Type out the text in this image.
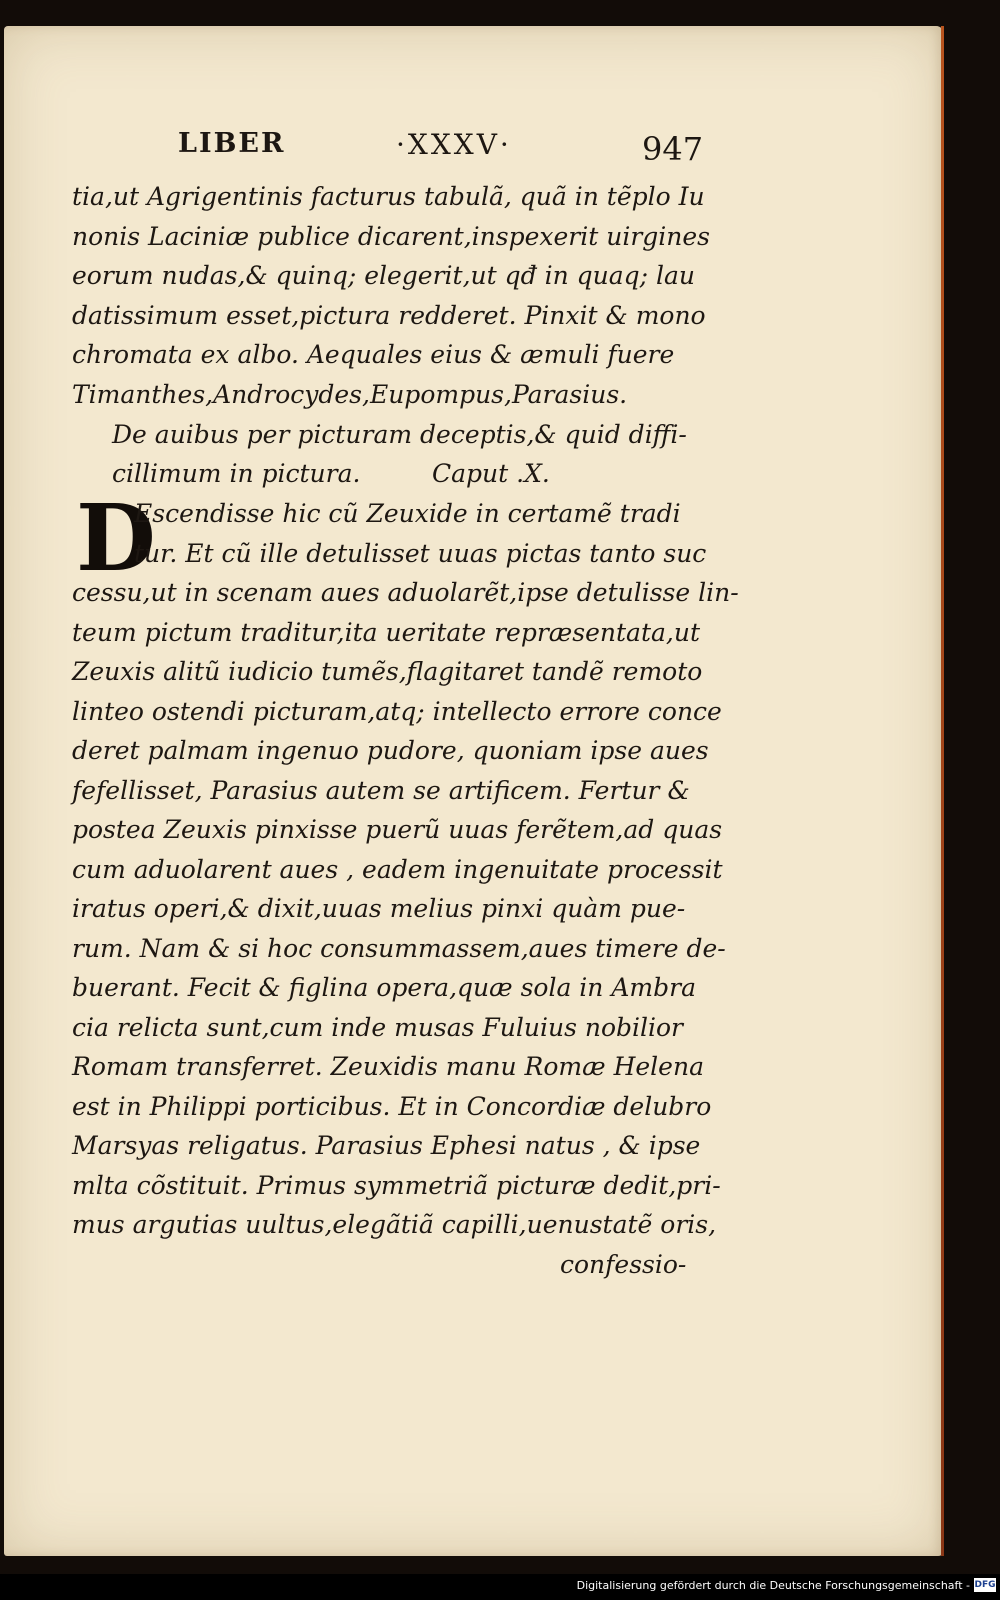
LIBER	·XXXV·	947
tia,ut Agrigentinis facturus tabulã, quã in tẽplo Iu
nonis Laciniæ publice dicarent,inspexerit uirgines
eorum nudas,& quinq; elegerit,ut qđ in quaq; lau
datissimum esset,pictura redderet. Pinxit & mono
chromata ex albo. Aequales eius & æmuli fuere
Timanthes,Androcydes,Eupompus,Parasius.
De auibus per picturam deceptis,& quid diffi-
cillimum in pictura.	Caput .X.
D
Escendisse hic cũ Zeuxide in certamẽ tradi
tur. Et cũ ille detulisset uuas pictas tanto suc
cessu,ut in scenam aues aduolarẽt,ipse detulisse lin-
teum pictum traditur,ita ueritate repræsentata,ut
Zeuxis alitũ iudicio tumẽs,flagitaret tandẽ remoto
linteo ostendi picturam,atq; intellecto errore conce
deret palmam ingenuo pudore, quoniam ipse aues
fefellisset, Parasius autem se artificem. Fertur &
postea Zeuxis pinxisse puerũ uuas ferẽtem,ad quas
cum aduolarent aues , eadem ingenuitate processit
iratus operi,& dixit,uuas melius pinxi quàm pue-
rum. Nam & si hoc consummassem,aues timere de-
buerant. Fecit & figlina opera,quæ sola in Ambra
cia relicta sunt,cum inde musas Fuluius nobilior
Romam transferret. Zeuxidis manu Romæ Helena
est in Philippi porticibus. Et in Concordiæ delubro
Marsyas religatus. Parasius Ephesi natus , & ipse
mlta cõstituit. Primus symmetriã picturæ dedit,pri-
mus argutias uultus,elegãtiã capilli,uenustatẽ oris,
confessio-
Digitalisierung gefördert durch die Deutsche Forschungsgemeinschaft - DFG
